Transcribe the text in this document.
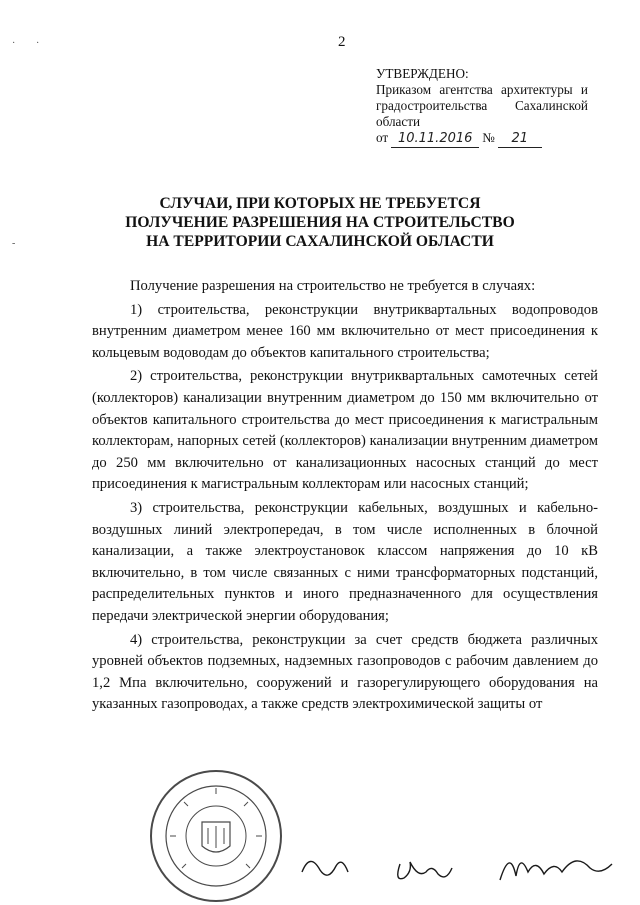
· ·
-
2
УТВЕРЖДЕНО:
Приказом агентства архитектуры и
градостроительства Сахалинской
области
от 10.11.2016 №	21
СЛУЧАИ, ПРИ КОТОРЫХ НЕ ТРЕБУЕТСЯ
ПОЛУЧЕНИЕ РАЗРЕШЕНИЯ НА СТРОИТЕЛЬСТВО
НА ТЕРРИТОРИИ САХАЛИНСКОЙ ОБЛАСТИ

Получение разрешения на строительство не требуется в случаях:

1) строительства, реконструкции внутриквартальных водопроводов внутренним диаметром менее 160 мм включительно от мест присоединения к кольцевым водоводам до объектов капитального строительства;

2) строительства, реконструкции внутриквартальных самотечных сетей (коллекторов) канализации внутренним диаметром до 150 мм включительно от объектов капитального строительства до мест присоединения к магистральным коллекторам, напорных сетей (коллекторов) канализации внутренним диаметром до 250 мм включительно от канализационных насосных станций до мест присоединения к магистральным коллекторам или насосных станций;

3) строительства, реконструкции кабельных, воздушных и кабельно-воздушных линий электропередач, в том числе исполненных в блочной канализации, а также электроустановок классом напряжения до 10 кВ включительно, в том числе связанных с ними трансформаторных подстанций, распределительных пунктов и иного предназначенного для осуществления передачи электрической энергии оборудования;

4) строительства, реконструкции за счет средств бюджета различных уровней объектов подземных, надземных газопроводов с рабочим давлением до 1,2 Мпа включительно, сооружений и газорегулирующего оборудования на указанных газопроводах, а также средств электрохимической защиты от
